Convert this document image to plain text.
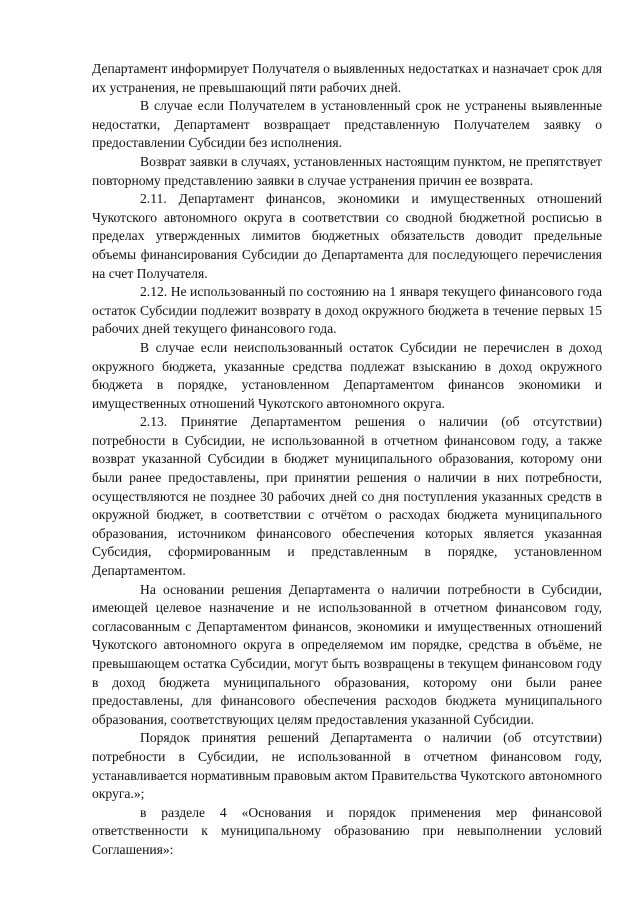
Департамент информирует Получателя о выявленных недостатках и назначает срок для их устранения, не превышающий пяти рабочих дней.

В случае если Получателем в установленный срок не устранены выявленные недостатки, Департамент возвращает представленную Получателем заявку о предоставлении Субсидии без исполнения.

Возврат заявки в случаях, установленных настоящим пунктом, не препятствует повторному представлению заявки в случае устранения причин ее возврата.

2.11. Департамент финансов, экономики и имущественных отношений Чукотского автономного округа в соответствии со сводной бюджетной росписью в пределах утвержденных лимитов бюджетных обязательств доводит предельные объемы финансирования Субсидии до Департамента для последующего перечисления на счет Получателя.

2.12. Не использованный по состоянию на 1 января текущего финансового года остаток Субсидии подлежит возврату в доход окружного бюджета в течение первых 15 рабочих дней текущего финансового года.

В случае если неиспользованный остаток Субсидии не перечислен в доход окружного бюджета, указанные средства подлежат взысканию в доход окружного бюджета в порядке, установленном Департаментом финансов экономики и имущественных отношений Чукотского автономного округа.

2.13. Принятие Департаментом решения о наличии (об отсутствии) потребности в Субсидии, не использованной в отчетном финансовом году, а также возврат указанной Субсидии в бюджет муниципального образования, которому они были ранее предоставлены, при принятии решения о наличии в них потребности, осуществляются не позднее 30 рабочих дней со дня поступления указанных средств в окружной бюджет, в соответствии с отчётом о расходах бюджета муниципального образования, источником финансового обеспечения которых является указанная Субсидия, сформированным и представленным в порядке, установленном Департаментом.

На основании решения Департамента о наличии потребности в Субсидии, имеющей целевое назначение и не использованной в отчетном финансовом году, согласованным с Департаментом финансов, экономики и имущественных отношений Чукотского автономного округа в определяемом им порядке, средства в объёме, не превышающем остатка Субсидии, могут быть возвращены в текущем финансовом году в доход бюджета муниципального образования, которому они были ранее предоставлены, для финансового обеспечения расходов бюджета муниципального образования, соответствующих целям предоставления указанной Субсидии.

Порядок принятия решений Департамента о наличии (об отсутствии) потребности в Субсидии, не использованной в отчетном финансовом году, устанавливается нормативным правовым актом Правительства Чукотского автономного округа.»;

в разделе 4 «Основания и порядок применения мер финансовой ответственности к муниципальному образованию при невыполнении условий Соглашения»:
